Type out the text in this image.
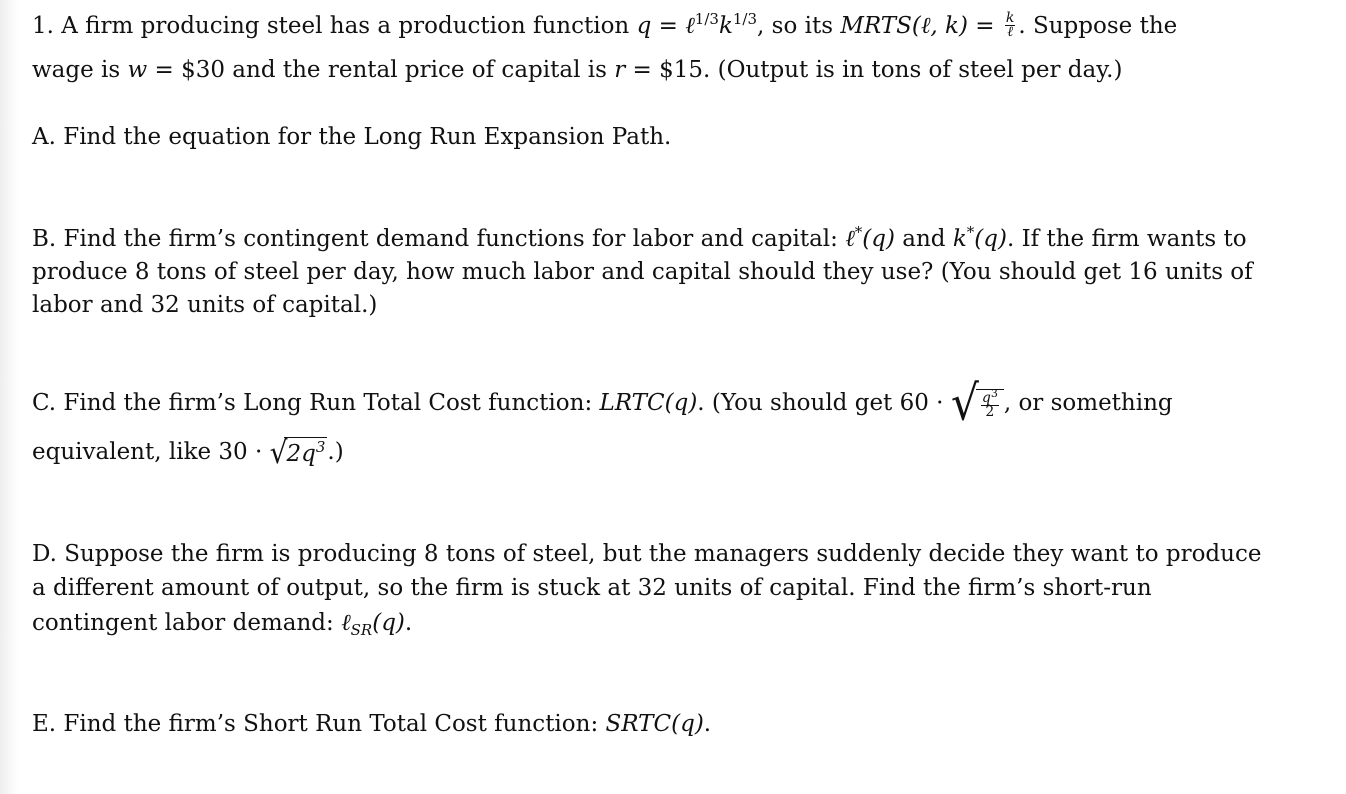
1. A firm producing steel has a production function $q = \ell^{1/3}k^{1/3}$, so its MRTS(ℓ, $k) = \frac{k}{\text{ℓ}}$ . Suppose the
wage is w = $30 and the rental price of capital is r = $15. (Output is in tons of steel per day.)
A. Find the equation for the Long Run Expansion Path.
B. Find the firm’s contingent demand functions for labor and capital: ℓ*(q) and k*(q). If the firm wants to
produce 8 tons of steel per day, how much labor and capital should they use? (You should get 16 units of
labor and 32 units of capital.)
C. Find the firm’s Long Run Total Cost function: LRTC(q). (You should get 60 · √ $\frac{q^3}{2}$ , or something
equivalent, like $30 \cdot √2q^3$.)
D. Suppose the firm is producing 8 tons of steel, but the managers suddenly decide they want to produce
a different amount of output, so the firm is stuck at 32 units of capital. Find the firm’s short-run
contingent labor demand: ℓ$_{SR}$(q).
E. Find the firm’s Short Run Total Cost function: SRTC(q).
